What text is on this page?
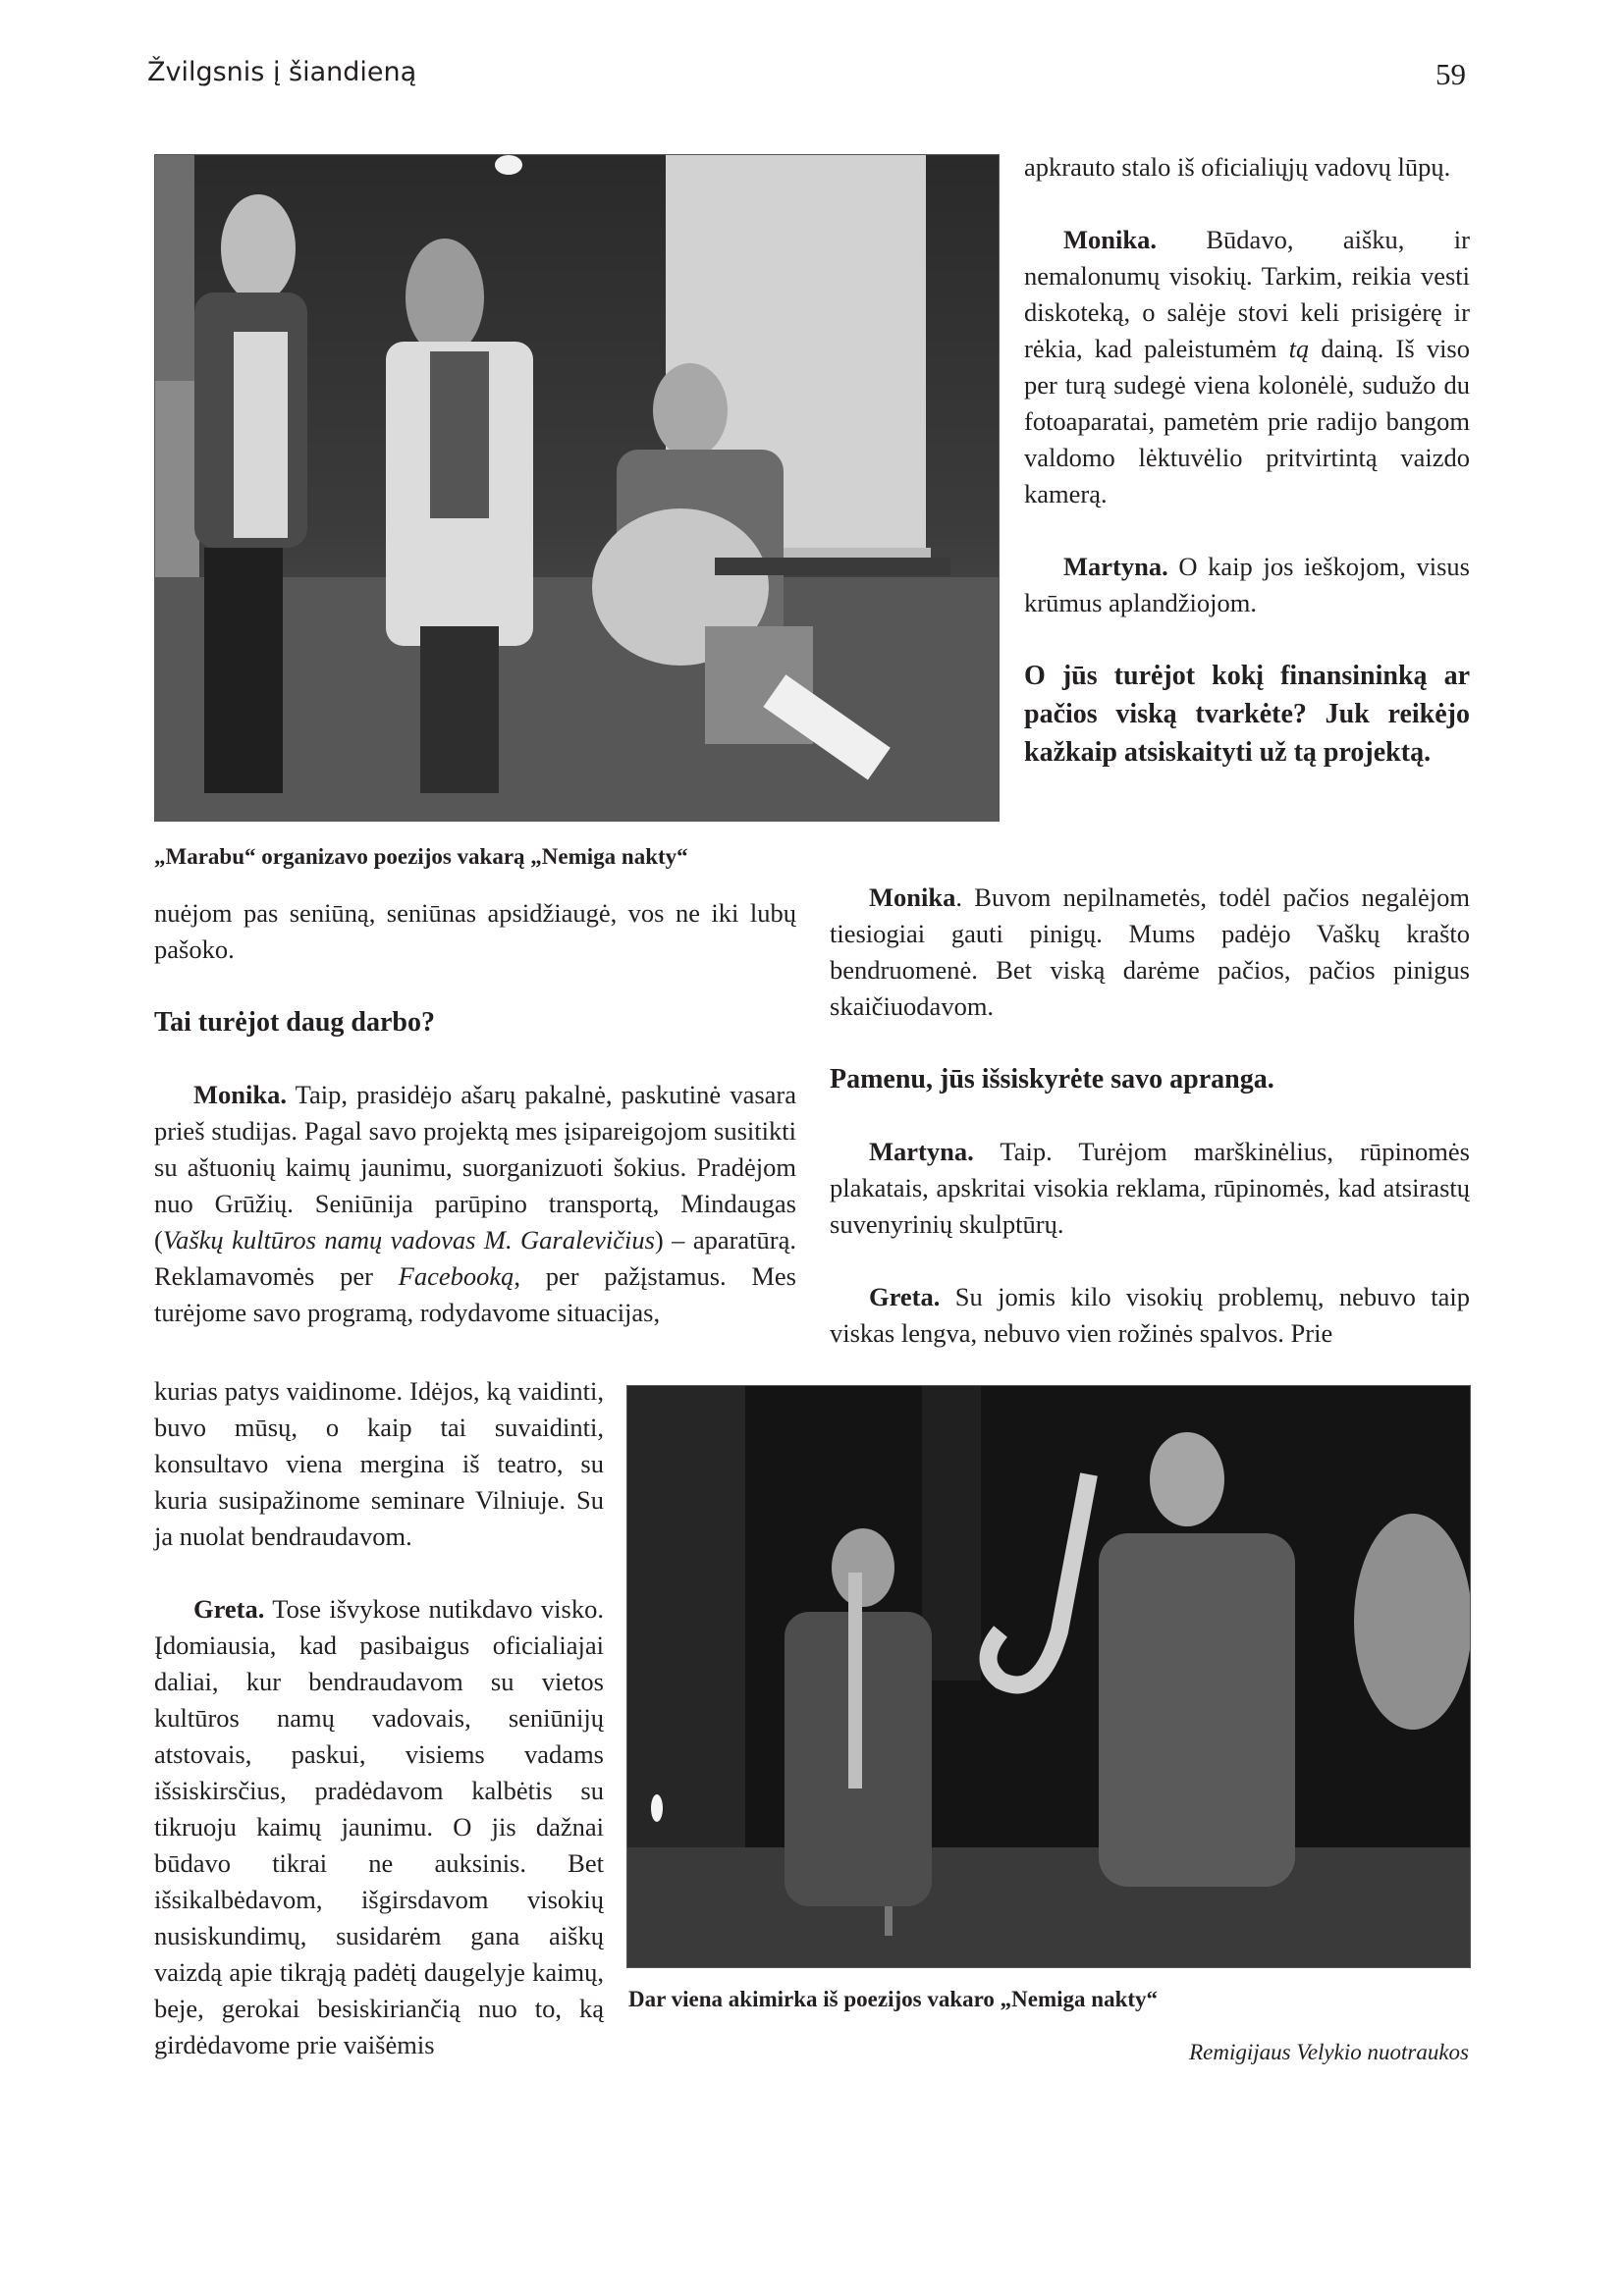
Žvilgsnis į šiandieną	59
„Marabu“ organizavo poezijos vakarą „Nemiga nakty“

apkrauto stalo iš oficialiųjų vadovų lūpų.

Monika. Būdavo, aišku, ir nemalonumų visokių. Tarkim, reikia vesti diskoteką, o salėje stovi keli prisigėrę ir rėkia, kad paleistumėm tą dainą. Iš viso per turą sudegė viena kolonėlė, sudužo du fotoaparatai, pametėm prie radijo bangom valdomo lėktuvėlio pritvirtintą vaizdo kamerą.

Martyna. O kaip jos ieškojom, visus krūmus aplandžiojom.

O jūs turėjot kokį finansininką ar pačios viską tvarkėte? Juk reikėjo kažkaip atsiskaityti už tą projektą.

nuėjom pas seniūną, seniūnas apsidžiaugė, vos ne iki lubų pašoko.

Tai turėjot daug darbo?

Monika. Taip, prasidėjo ašarų pakalnė, paskutinė vasara prieš studijas. Pagal savo projektą mes įsipareigojom susitikti su aštuonių kaimų jaunimu, suorganizuoti šokius. Pradėjom nuo Grūžių. Seniūnija parūpino transportą, Mindaugas (Vaškų kultūros namų vadovas M. Garalevičius) – aparatūrą. Reklamavomės per Facebooką, per pažįstamus. Mes turėjome savo programą, rodydavome situacijas,

kurias patys vaidinome. Idėjos, ką vaidinti, buvo mūsų, o kaip tai suvaidinti, konsultavo viena mergina iš teatro, su kuria susipažinome seminare Vilniuje. Su ja nuolat bendraudavom.

Greta. Tose išvykose nutikdavo visko. Įdomiausia, kad pasibaigus oficialiajai daliai, kur bendraudavom su vietos kultūros namų vadovais, seniūnijų atstovais, paskui, visiems vadams išsiskirsčius, pradėdavom kalbėtis su tikruoju kaimų jaunimu. O jis dažnai būdavo tikrai ne auksinis. Bet išsikalbėdavom, išgirsdavom visokių nusiskundimų, susidarėm gana aiškų vaizdą apie tikrąją padėtį daugelyje kaimų, beje, gerokai besiskiriančią nuo to, ką girdėdavome prie vaišėmis

Monika. Buvom nepilnametės, todėl pačios negalėjom tiesiogiai gauti pinigų. Mums padėjo Vaškų krašto bendruomenė. Bet viską darėme pačios, pačios pinigus skaičiuodavom.

Pamenu, jūs išsiskyrėte savo apranga.

Martyna. Taip. Turėjom marškinėlius, rūpinomės plakatais, apskritai visokia reklama, rūpinomės, kad atsirastų suvenyrinių skulptūrų.

Greta. Su jomis kilo visokių problemų, nebuvo taip viskas lengva, nebuvo vien rožinės spalvos. Prie

Dar viena akimirka iš poezijos vakaro „Nemiga nakty“
Remigijaus Velykio nuotraukos
